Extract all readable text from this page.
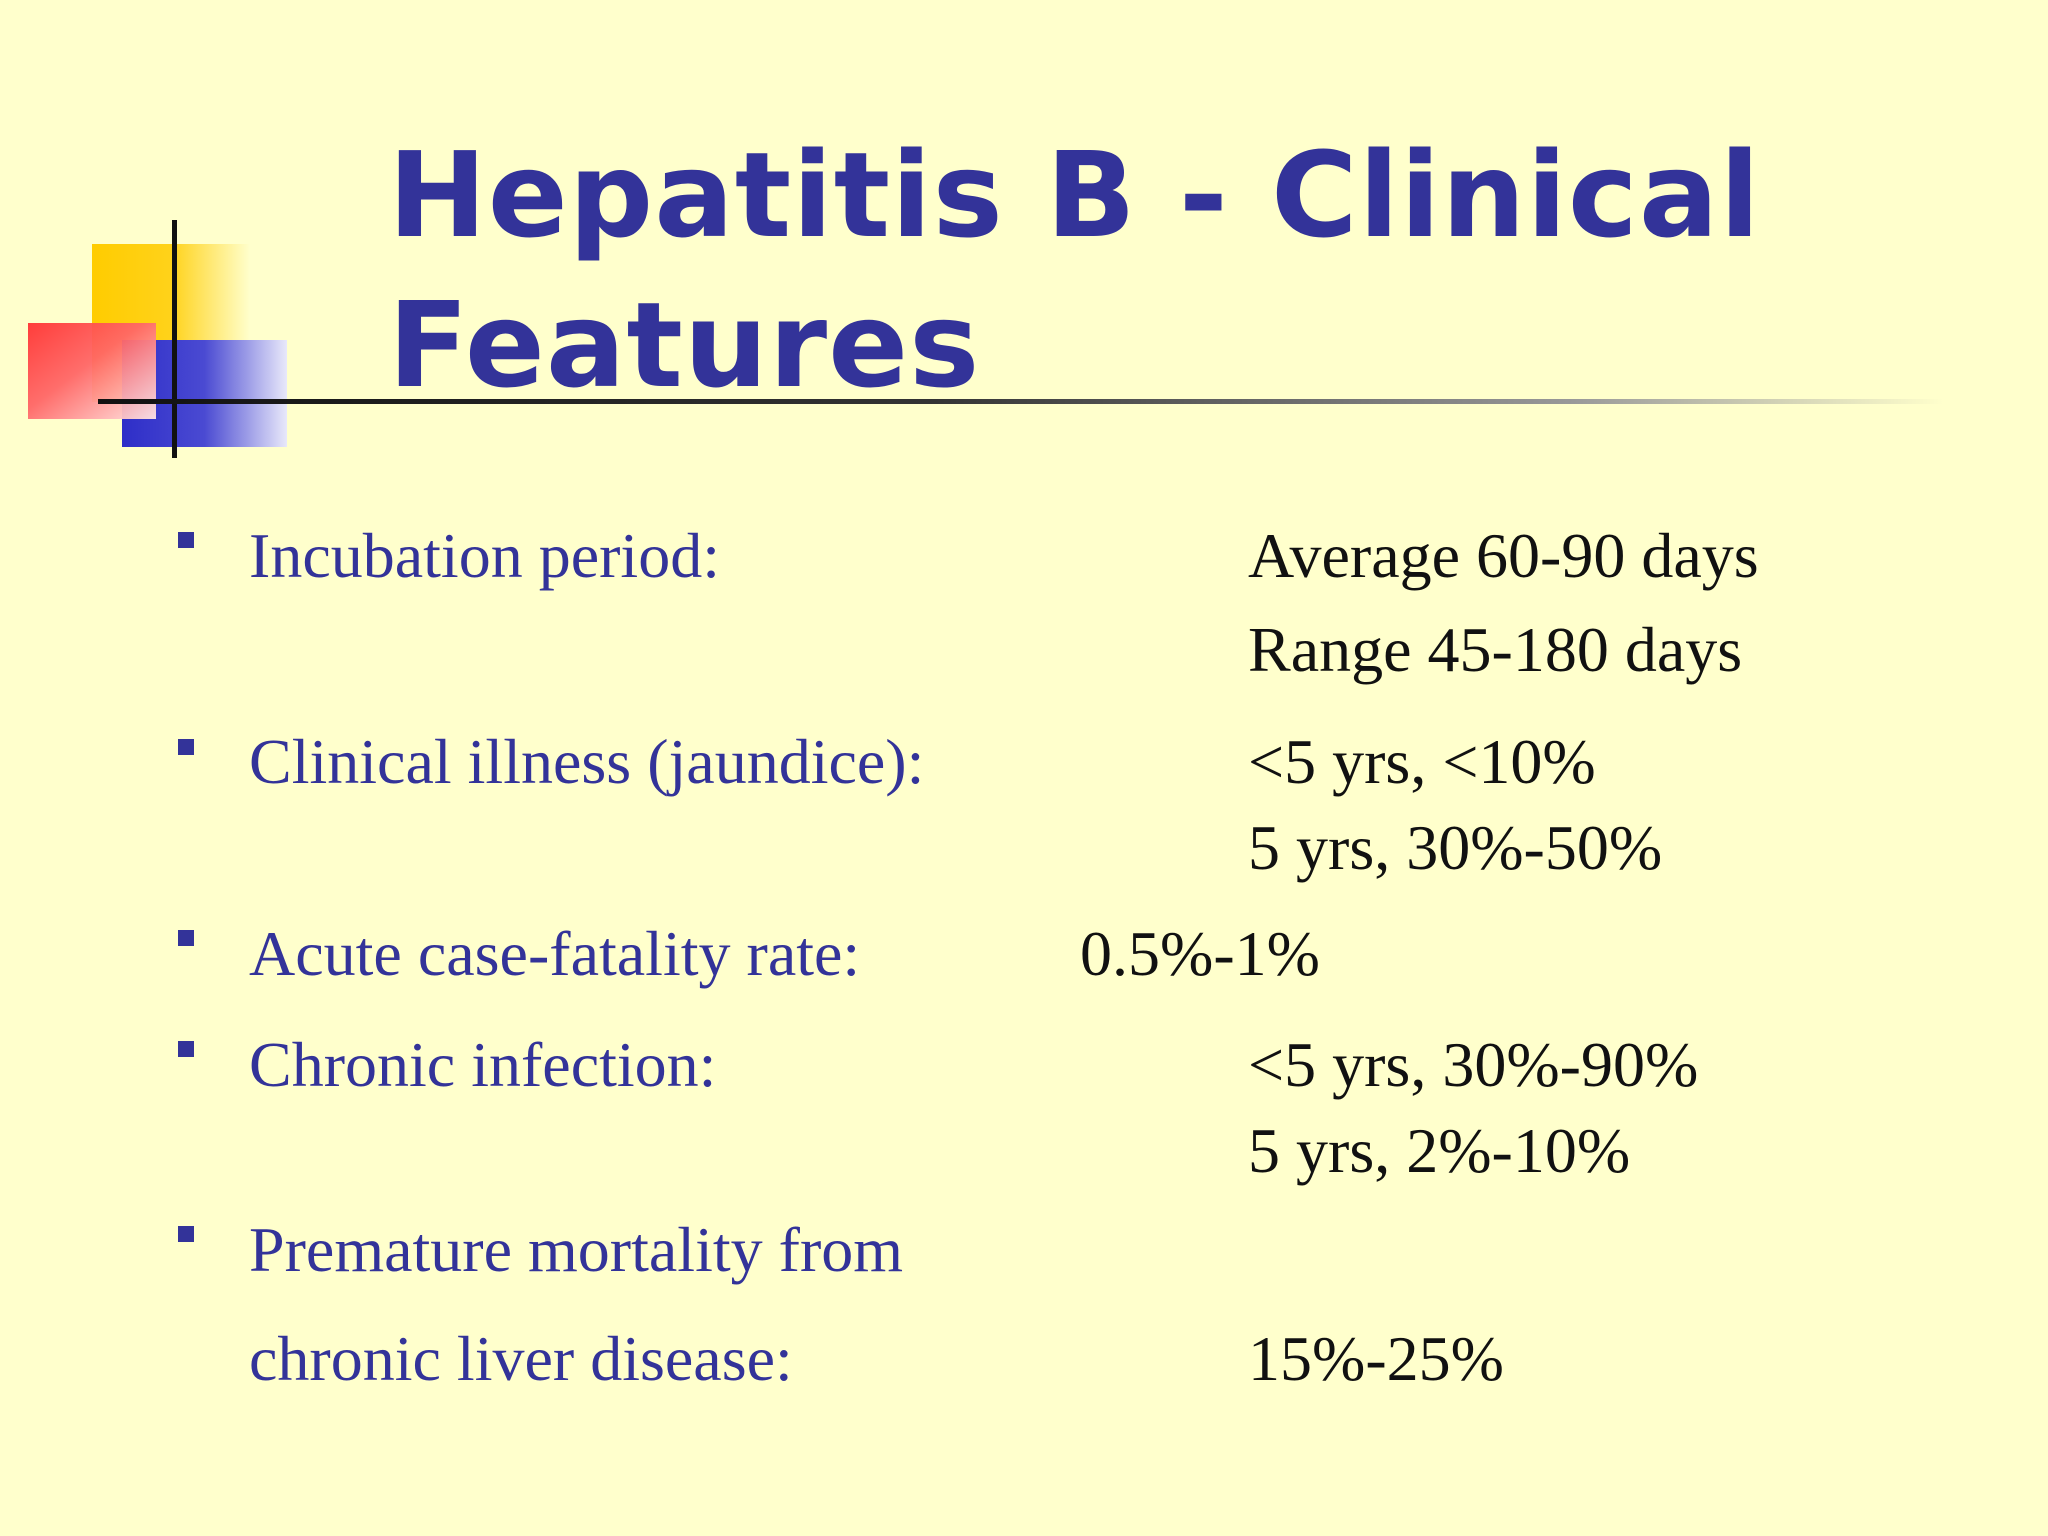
Hepatitis B - Clinical
Features
Incubation period:	Average 60-90 days
Range 45-180 days
Clinical illness (jaundice):	<5 yrs, <10%
5 yrs, 30%-50%
Acute case-fatality rate:	0.5%-1%
Chronic infection:	<5 yrs, 30%-90%
5 yrs, 2%-10%
Premature mortality from
chronic liver disease:	15%-25%
